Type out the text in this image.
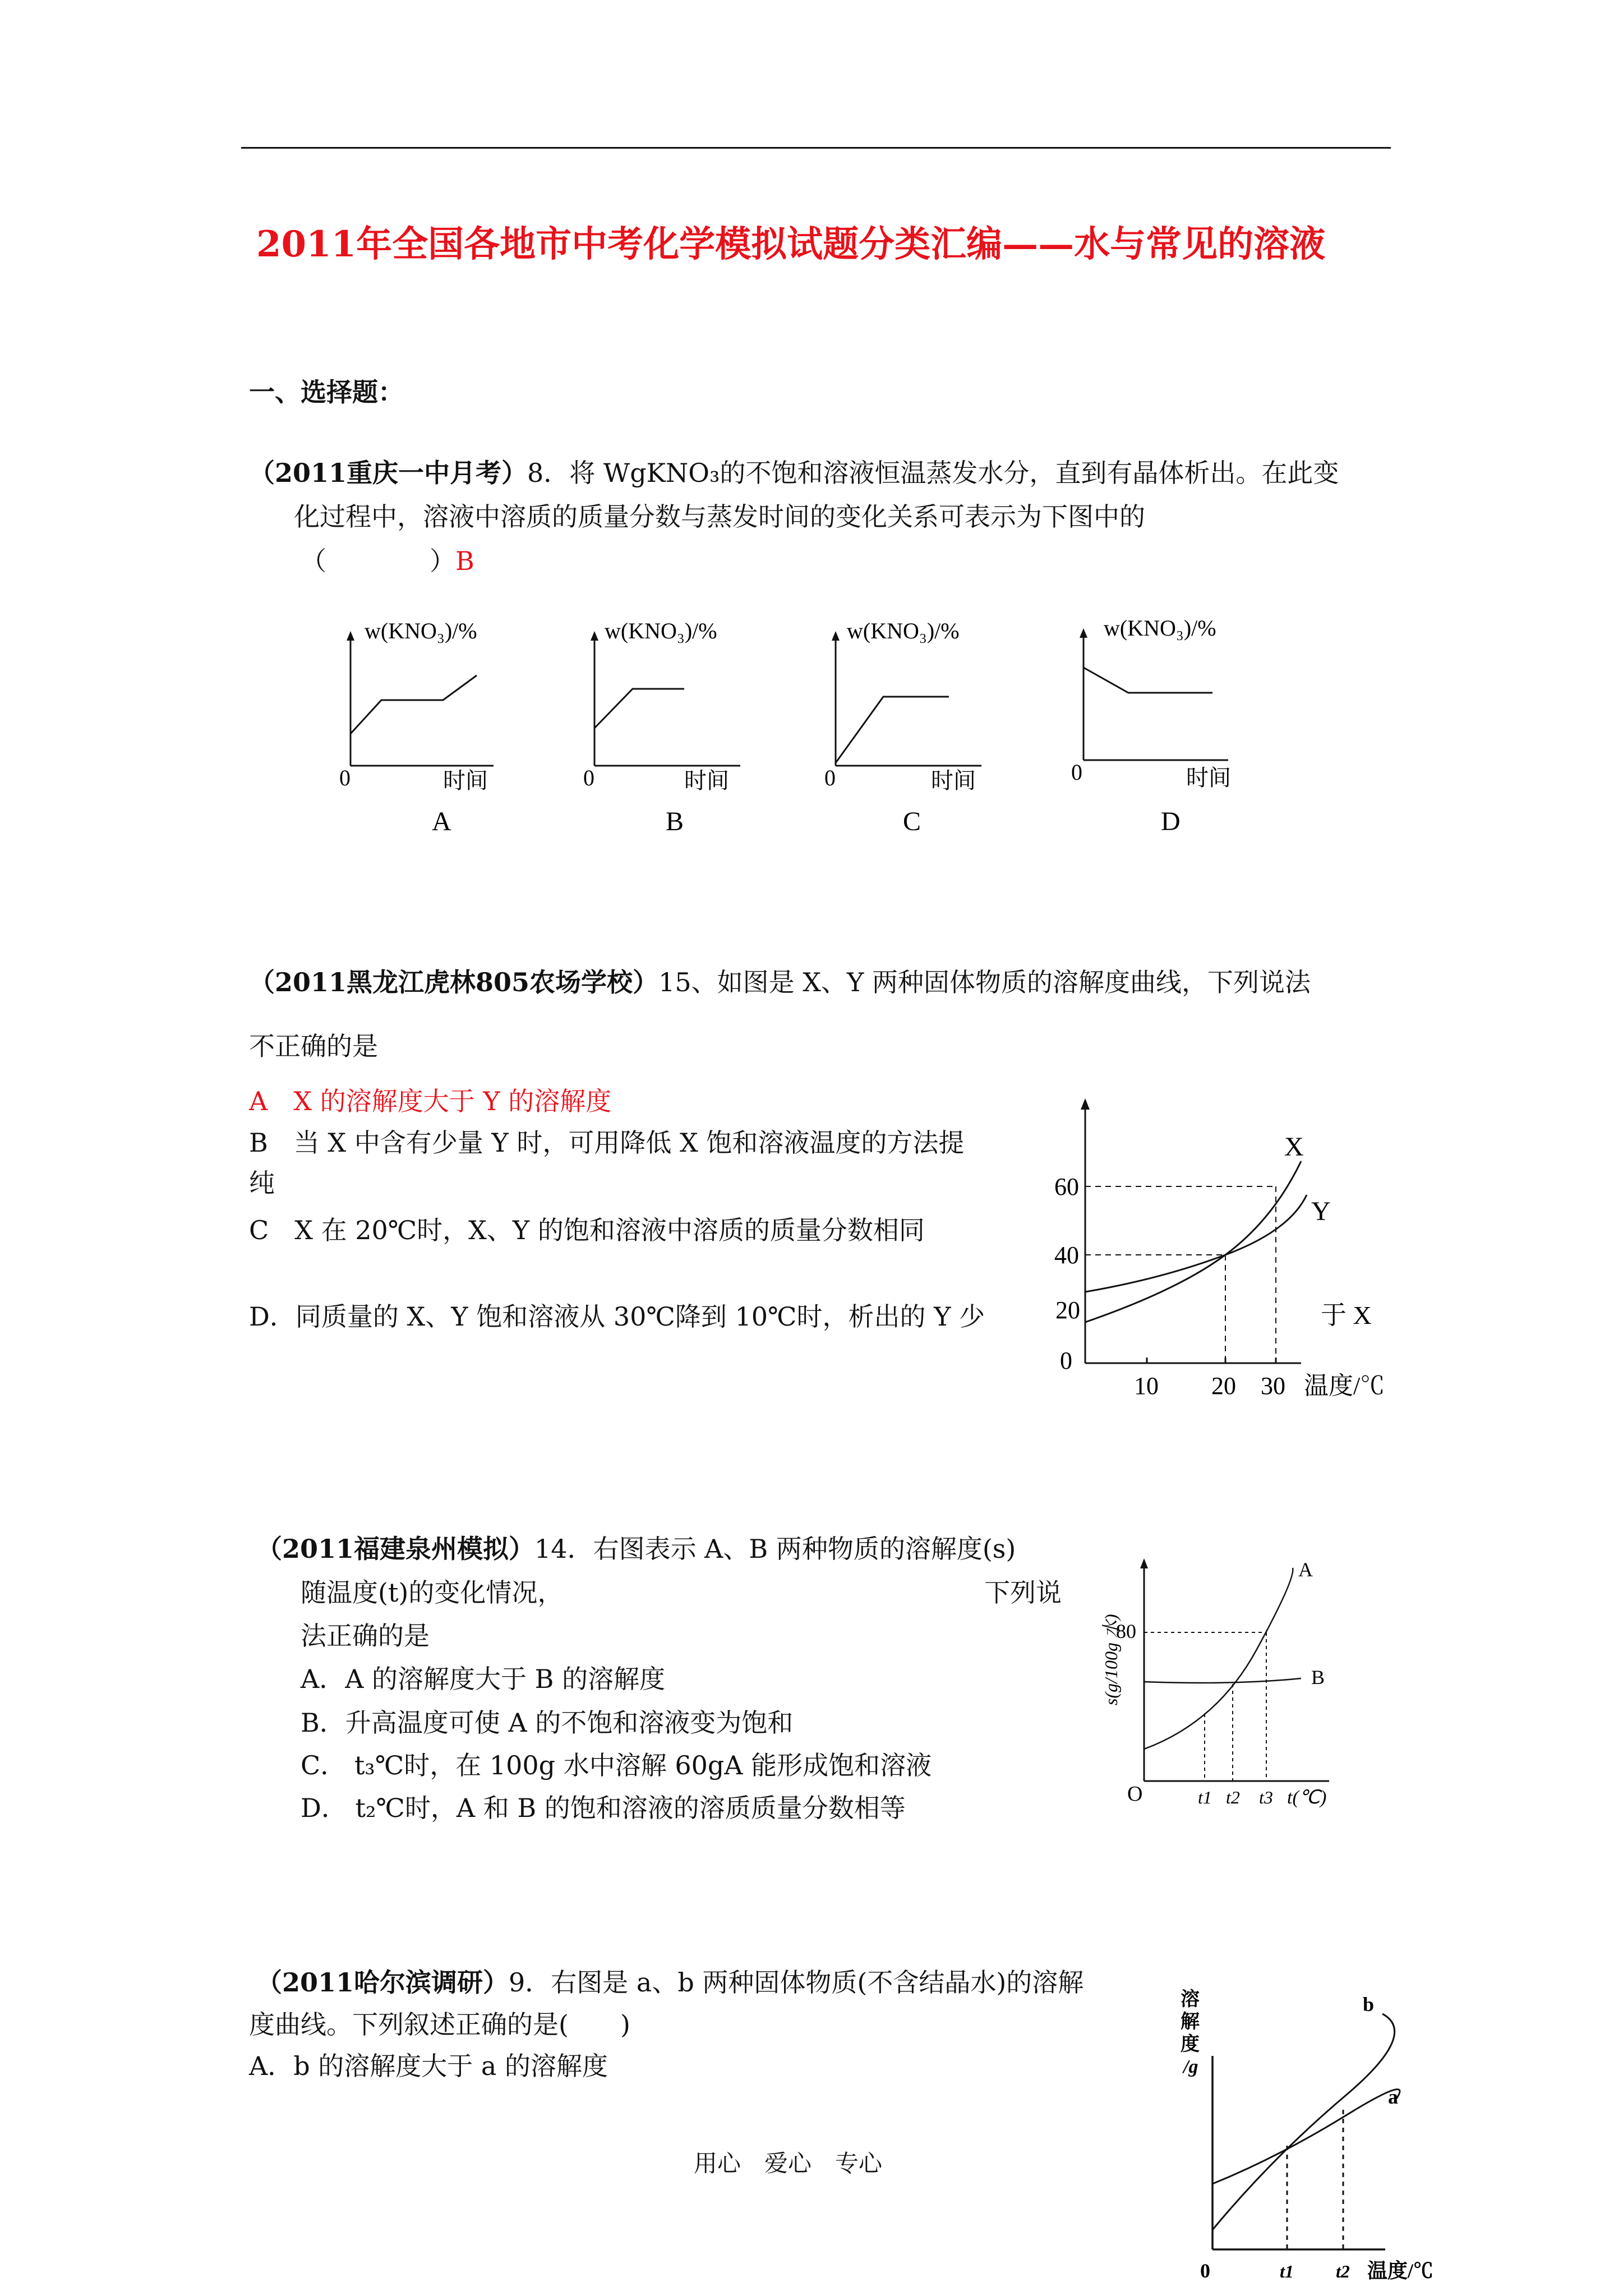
2011年全国各地市中考化学模拟试题分类汇编——水与常见的溶液
一、选择题：
（2011重庆一中月考）8．将 WgKNO₃的不饱和溶液恒温蒸发水分，直到有晶体析出。在此变
化过程中，溶液中溶质的质量分数与蒸发时间的变化关系可表示为下图中的
（　　　　）B
w(KNO₃)/%
0	时间
A
w(KNO₃)/%
0	时间
B
w(KNO₃)/%
0	时间
C
w(KNO₃)/%
0	时间
D
（2011黑龙江虎林805农场学校）15、如图是 X、Y 两种固体物质的溶解度曲线，下列说法
不正确的是
A　X 的溶解度大于 Y 的溶解度
B　当 X 中含有少量 Y 时，可用降低 X 饱和溶液温度的方法提
纯
C　X 在 20℃时，X、Y 的饱和溶液中溶质的质量分数相同
D．同质量的 X、Y 饱和溶液从 30℃降到 10℃时，析出的 Y 少
60
40
20
0
10 20 30 温度/℃
X
Y
于 X
（2011福建泉州模拟）14．右图表示 A、B 两种物质的溶解度(s)
随温度(t)的变化情况，	下列说
法正确的是
A．A 的溶解度大于 B 的溶解度
B．升高温度可使 A 的不饱和溶液变为饱和
C． t₃℃时，在 100g 水中溶解 60gA 能形成饱和溶液
D． t₂℃时，A 和 B 的饱和溶液的溶质质量分数相等
s(g/100g 水)
80
O	t1 t2 t3 t(℃)
A
B
（2011哈尔滨调研）9．右图是 a、b 两种固体物质(不含结晶水)的溶解
度曲线。下列叙述正确的是(　　)
A．b 的溶解度大于 a 的溶解度
溶
解
度
/g
b
a
0	t1 t2 温度/℃
用心　爱心　专心
